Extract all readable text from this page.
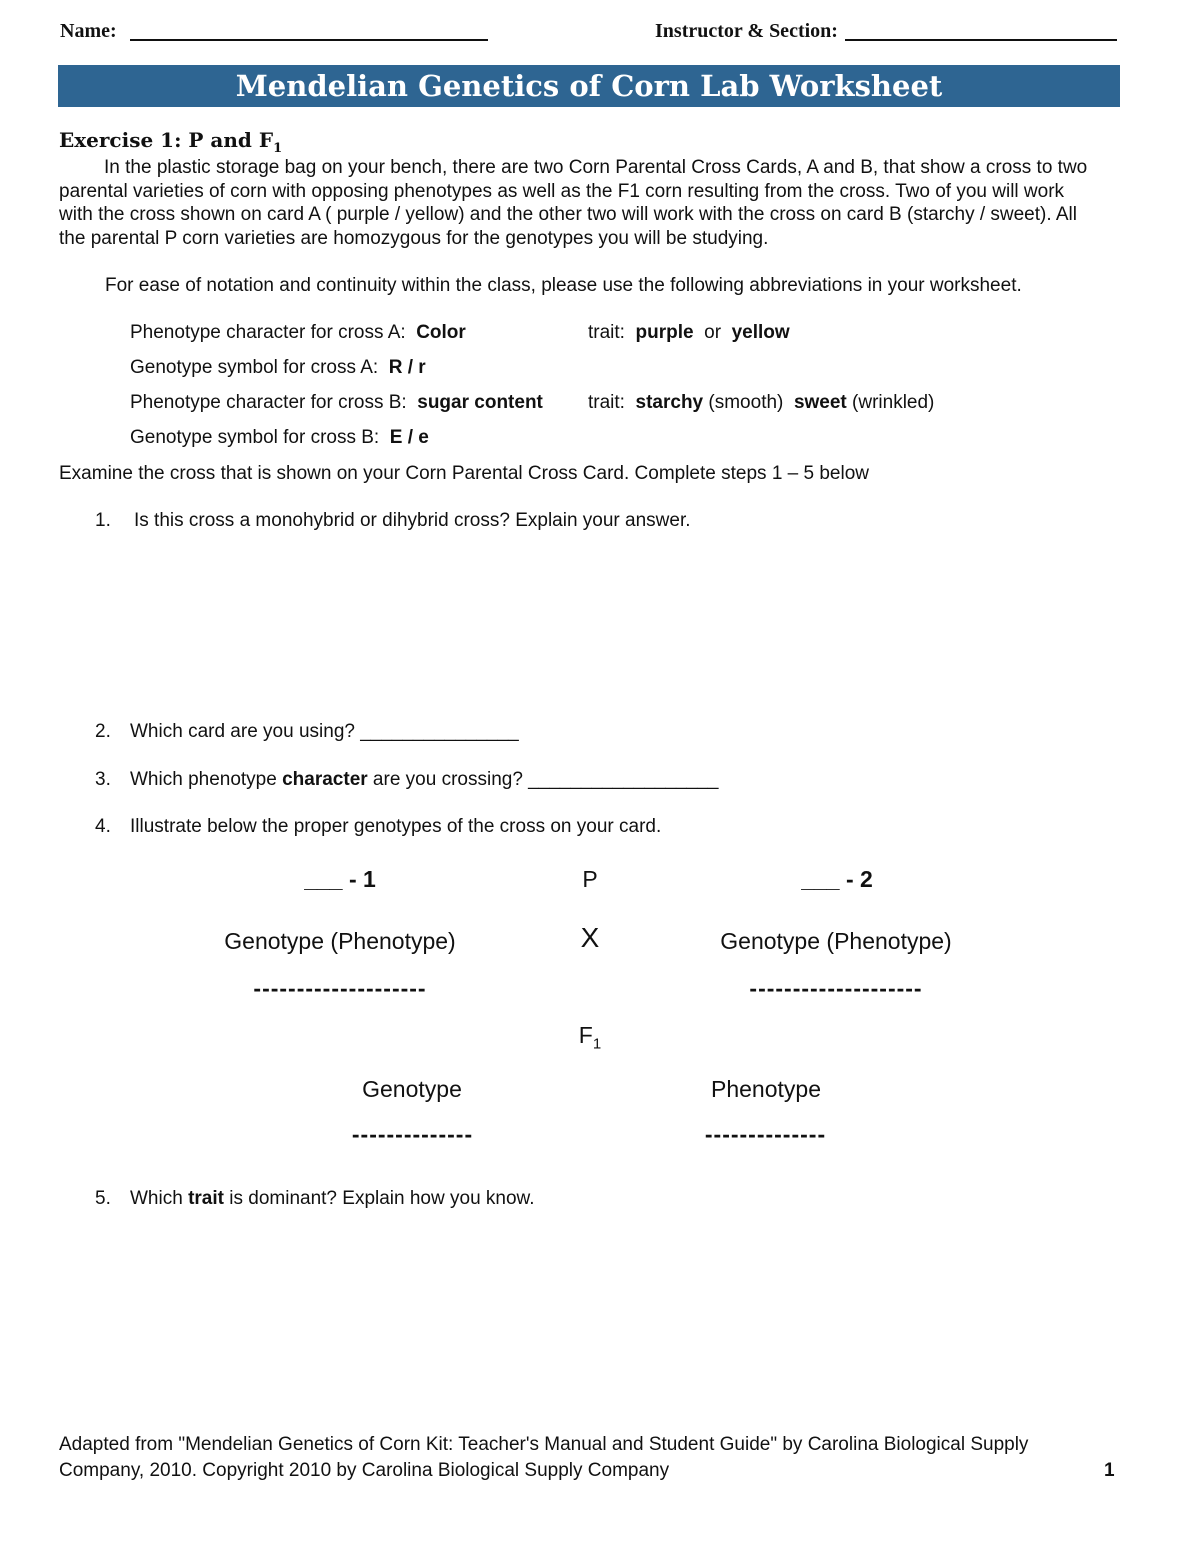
Name:	Instructor & Section:
Mendelian Genetics of Corn Lab Worksheet
Exercise 1: P and $F_1$
In the plastic storage bag on your bench, there are two Corn Parental Cross Cards, A and B, that show a cross to two
parental varieties of corn with opposing phenotypes as well as the F1 corn resulting from the cross. Two of you will work
with the cross shown on card A ( purple / yellow) and the other two will work with the cross on card B (starchy / sweet). All
the parental P corn varieties are homozygous for the genotypes you will be studying.
For ease of notation and continuity within the class, please use the following abbreviations in your worksheet.
Phenotype character for cross A: Color	trait: purple or yellow
Genotype symbol for cross A: R / r
Phenotype character for cross B: sugar content trait: starchy (smooth) sweet (wrinkled)
Genotype symbol for cross B: E / e
Examine the cross that is shown on your Corn Parental Cross Card. Complete steps 1 – 5 below
1. Is this cross a monohybrid or dihybrid cross? Explain your answer.
2. Which card are you using? _______________
3. Which phenotype character are you crossing? __________________
4. Illustrate below the proper genotypes of the cross on your card.
___ - 1	P	___ - 2
Genotype (Phenotype)	X	Genotype (Phenotype)
--------------------	--------------------
$F_1$
Genotype	Phenotype
--------------	--------------
5. Which trait is dominant? Explain how you know.
Adapted from "Mendelian Genetics of Corn Kit: Teacher's Manual and Student Guide" by Carolina Biological Supply
Company, 2010. Copyright 2010 by Carolina Biological Supply Company	1
